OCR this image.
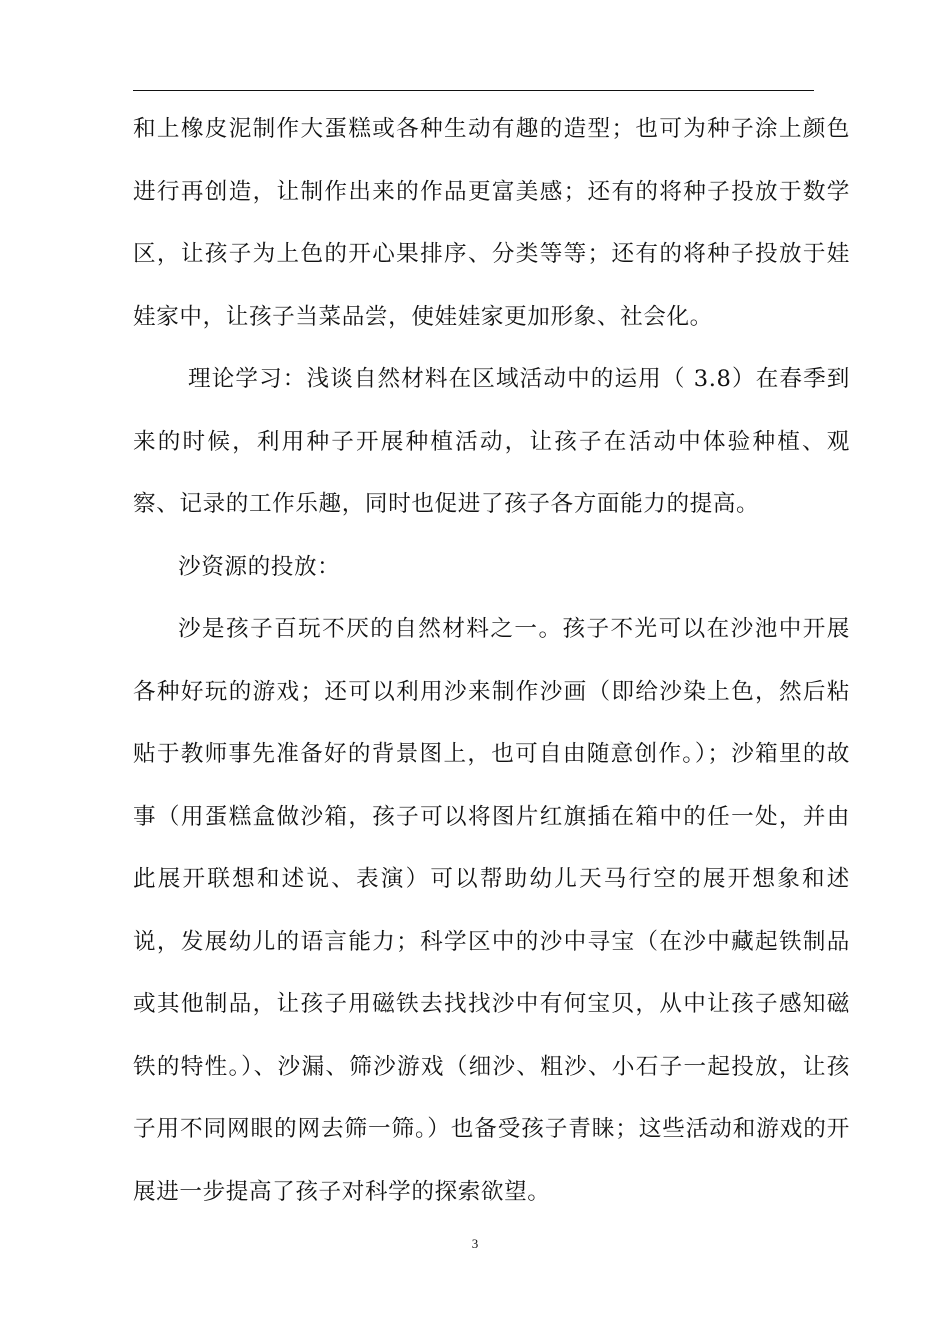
和上橡皮泥制作大蛋糕或各种生动有趣的造型；也可为种子涂上颜色进行再创造，让制作出来的作品更富美感；还有的将种子投放于数学区，让孩子为上色的开心果排序、分类等等；还有的将种子投放于娃娃家中，让孩子当菜品尝，使娃娃家更加形象、社会化。

理论学习：浅谈自然材料在区域活动中的运用（ 3.8）在春季到来的时候，利用种子开展种植活动，让孩子在活动中体验种植、观察、记录的工作乐趣，同时也促进了孩子各方面能力的提高。

沙资源的投放：

沙是孩子百玩不厌的自然材料之一。孩子不光可以在沙池中开展各种好玩的游戏；还可以利用沙来制作沙画（即给沙染上色，然后粘贴于教师事先准备好的背景图上，也可自由随意创作。）；沙箱里的故事（用蛋糕盒做沙箱，孩子可以将图片红旗插在箱中的任一处，并由此展开联想和述说、表演）可以帮助幼儿天马行空的展开想象和述说，发展幼儿的语言能力；科学区中的沙中寻宝（在沙中藏起铁制品或其他制品，让孩子用磁铁去找找沙中有何宝贝，从中让孩子感知磁铁的特性。）、沙漏、筛沙游戏（细沙、粗沙、小石子一起投放，让孩子用不同网眼的网去筛一筛。）也备受孩子青睐；这些活动和游戏的开展进一步提高了孩子对科学的探索欲望。

3
